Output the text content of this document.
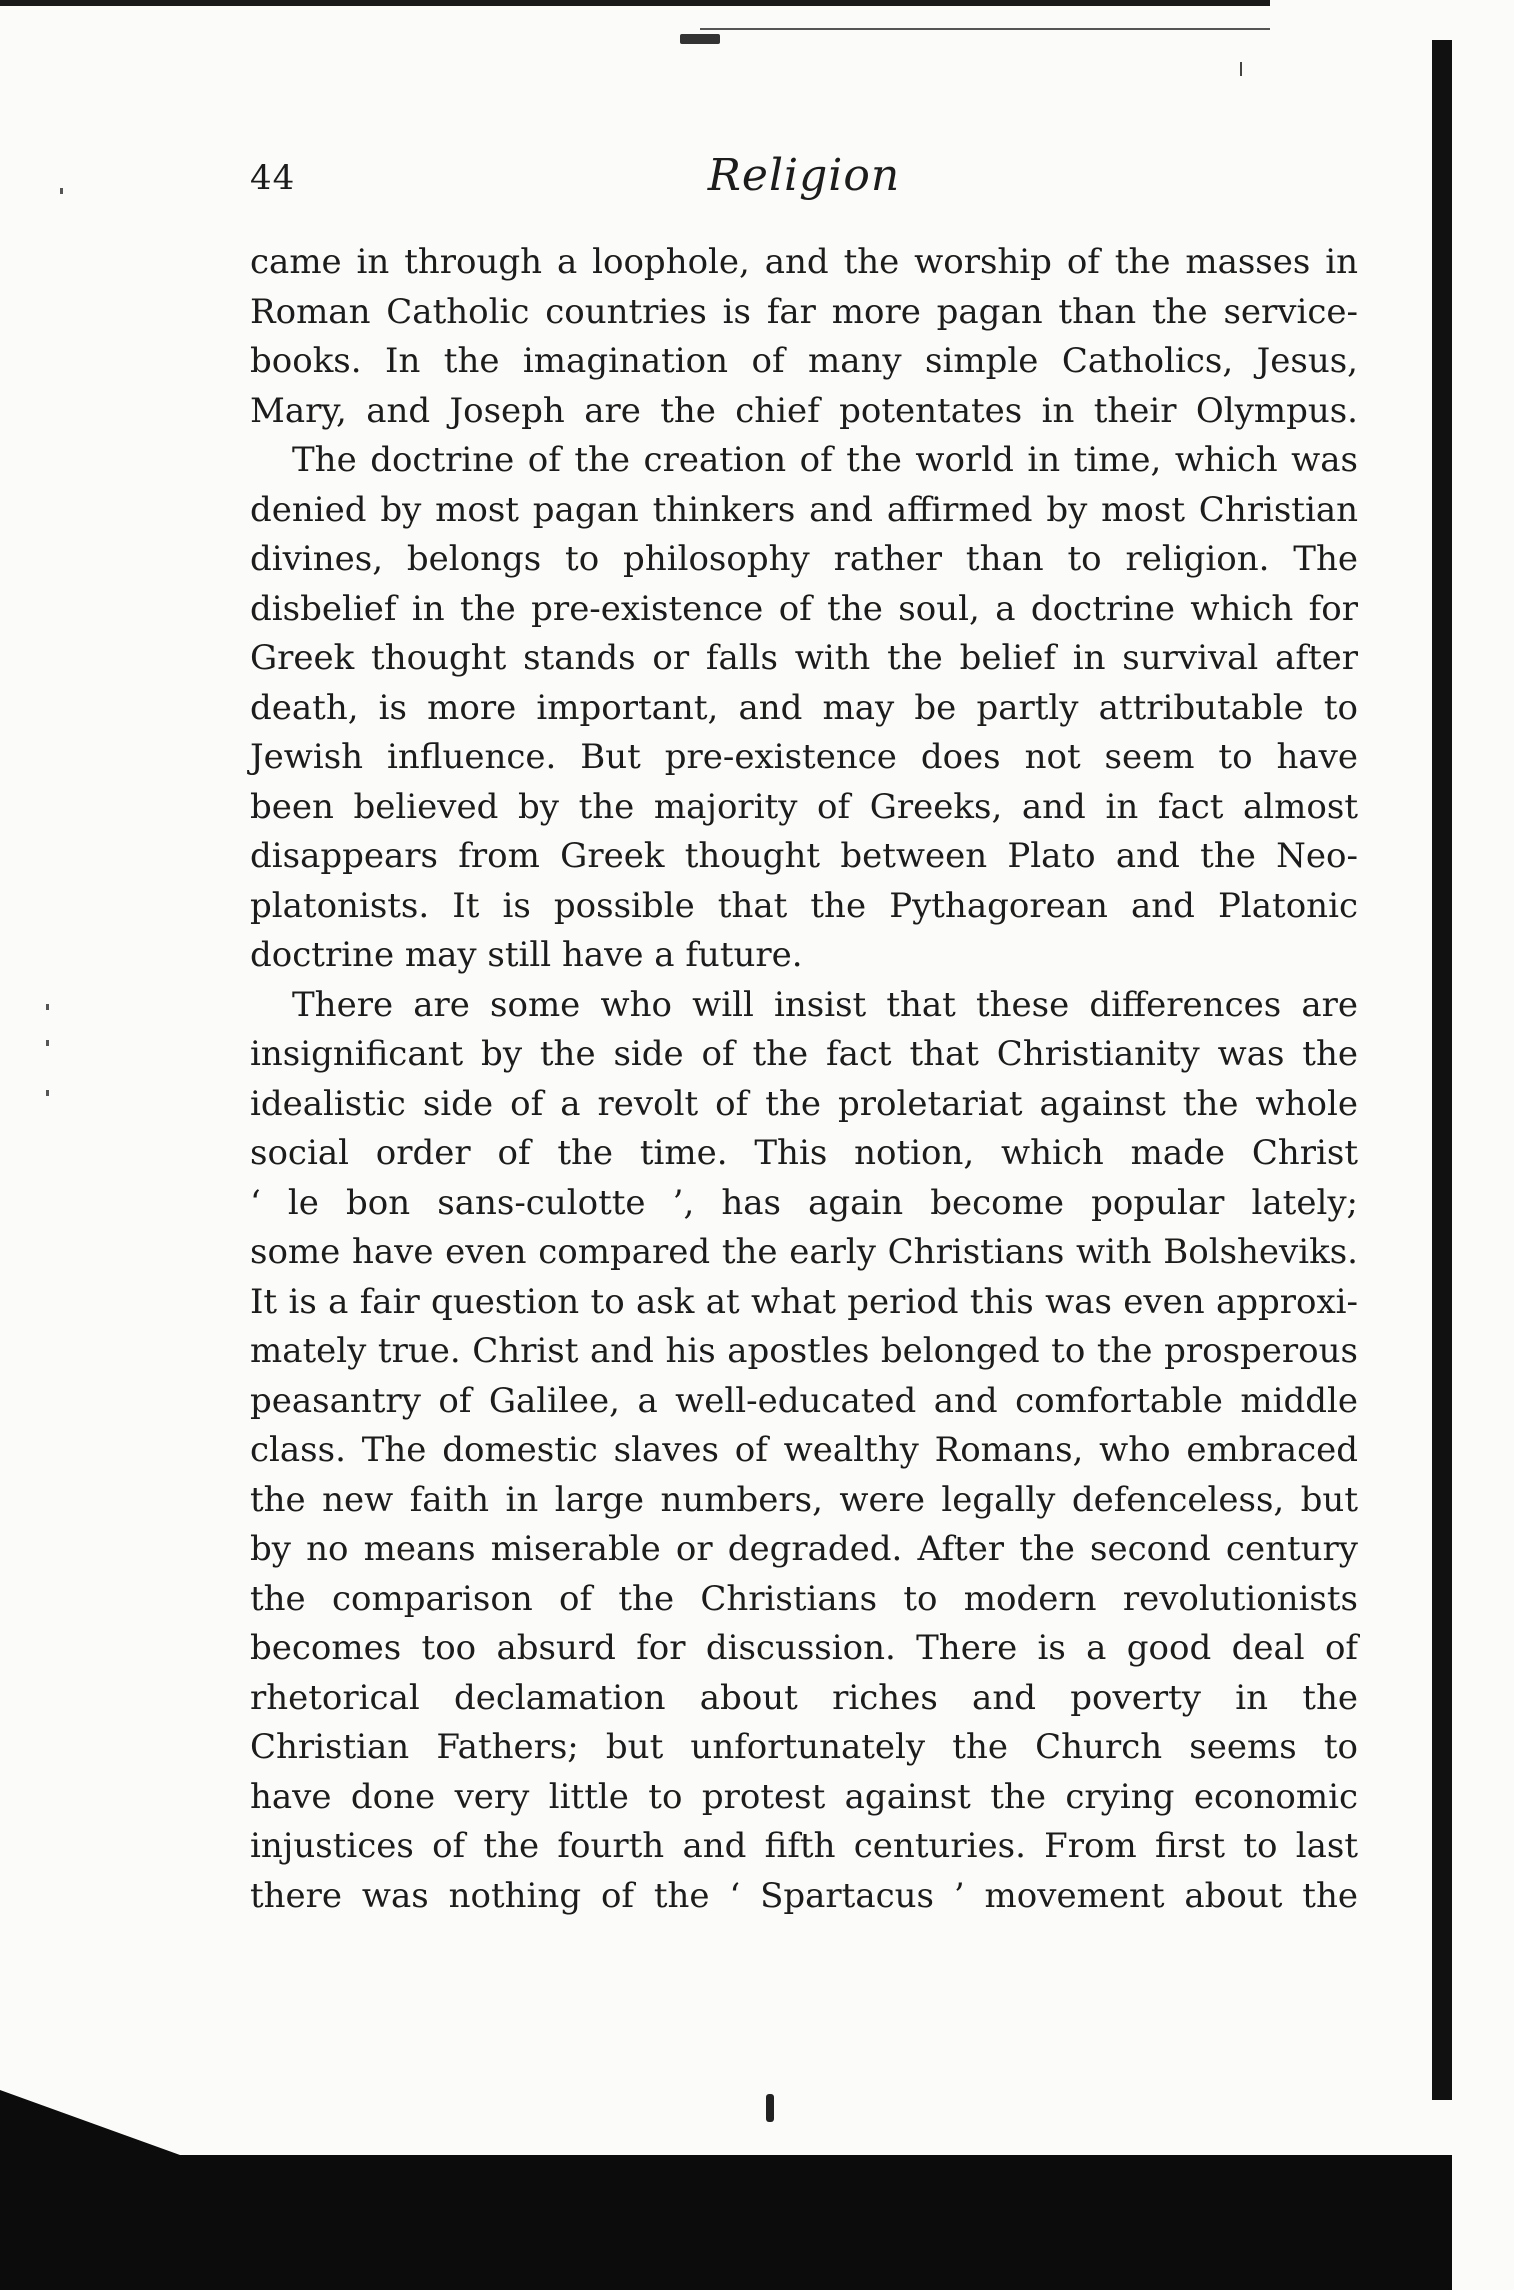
44	Religion

came in through a loophole, and the worship of the masses in
Roman Catholic countries is far more pagan than the service-
books. In the imagination of many simple Catholics, Jesus,
Mary, and Joseph are the chief potentates in their Olympus.

The doctrine of the creation of the world in time, which was
denied by most pagan thinkers and affirmed by most Christian
divines, belongs to philosophy rather than to religion. The
disbelief in the pre-existence of the soul, a doctrine which for
Greek thought stands or falls with the belief in survival after
death, is more important, and may be partly attributable to
Jewish influence. But pre-existence does not seem to have
been believed by the majority of Greeks, and in fact almost
disappears from Greek thought between Plato and the Neo-
platonists. It is possible that the Pythagorean and Platonic
doctrine may still have a future.

There are some who will insist that these differences are
insignificant by the side of the fact that Christianity was the
idealistic side of a revolt of the proletariat against the whole
social order of the time. This notion, which made Christ
‘ le bon sans-culotte ’, has again become popular lately;
some have even compared the early Christians with Bolsheviks.
It is a fair question to ask at what period this was even approxi-
mately true. Christ and his apostles belonged to the prosperous
peasantry of Galilee, a well-educated and comfortable middle
class. The domestic slaves of wealthy Romans, who embraced
the new faith in large numbers, were legally defenceless, but
by no means miserable or degraded. After the second century
the comparison of the Christians to modern revolutionists
becomes too absurd for discussion. There is a good deal of
rhetorical declamation about riches and poverty in the
Christian Fathers; but unfortunately the Church seems to
have done very little to protest against the crying economic
injustices of the fourth and fifth centuries. From first to last
there was nothing of the ‘ Spartacus ’ movement about the
